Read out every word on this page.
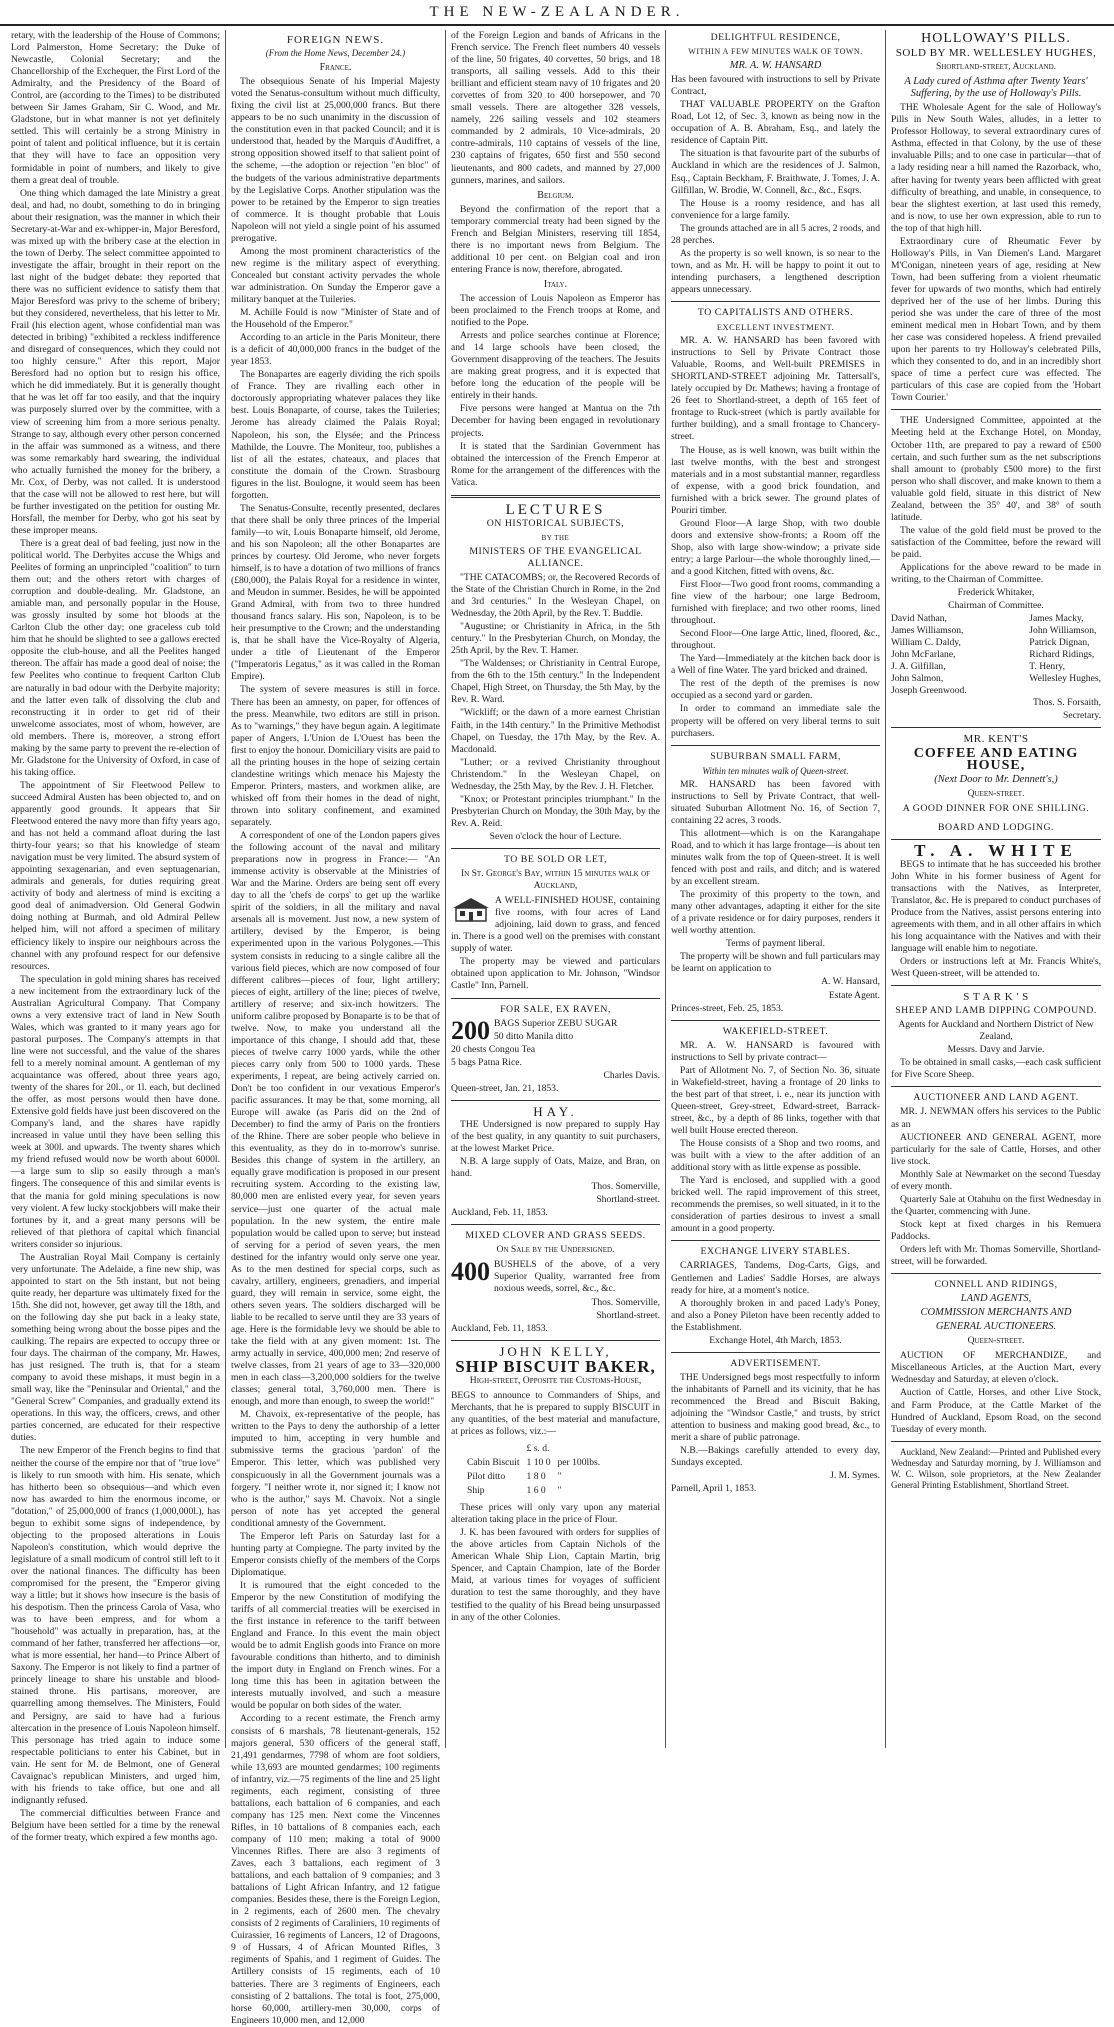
THE NEW-ZEALANDER.

retary, with the leadership of the House of Commons; Lord Palmerston, Home Secretary; the Duke of Newcastle, Colonial Secretary; and the Chancellorship of the Exchequer, the First Lord of the Admiralty, and the Presidency of the Board of Control, are (according to the Times) to be distributed between Sir James Graham, Sir C. Wood, and Mr. Gladstone, but in what manner is not yet definitely settled. This will certainly be a strong Ministry in point of talent and political influence, but it is certain that they will have to face an opposition very formidable in point of numbers, and likely to give them a great deal of trouble.

One thing which damaged the late Ministry a great deal, and had, no doubt, something to do in bringing about their resignation, was the manner in which their Secretary-at-War and ex-whipper-in, Major Beresford, was mixed up with the bribery case at the election in the town of Derby. The select committee appointed to investigate the affair, brought in their report on the last night of the budget debate: they reported that there was no sufficient evidence to satisfy them that Major Beresford was privy to the scheme of bribery; but they considered, nevertheless, that his letter to Mr. Frail (his election agent, whose confidential man was detected in bribing) "exhibited a reckless indifference and disregard of consequences, which they could not too highly censure." After this report, Major Beresford had no option but to resign his office, which he did immediately. But it is generally thought that he was let off far too easily, and that the inquiry was purposely slurred over by the committee, with a view of screening him from a more serious penalty. Strange to say, although every other person concerned in the affair was summoned as a witness, and there was some remarkably hard swearing, the individual who actually furnished the money for the bribery, a Mr. Cox, of Derby, was not called. It is understood that the case will not be allowed to rest here, but will be further investigated on the petition for ousting Mr. Horsfall, the member for Derby, who got his seat by these improper means.

There is a great deal of bad feeling, just now in the political world. The Derbyites accuse the Whigs and Peelites of forming an unprincipled "coalition" to turn them out; and the others retort with charges of corruption and double-dealing. Mr. Gladstone, an amiable man, and personally popular in the House, was grossly insulted by some hot bloods at the Carlton Club the other day; one graceless cub told him that he should be slighted to see a gallows erected opposite the club-house, and all the Peelites hanged thereon. The affair has made a good deal of noise; the few Peelites who continue to frequent Carlton Club are naturally in bad odour with the Derbyite majority; and the latter even talk of dissolving the club and reconstructing it in order to get rid of their unwelcome associates, most of whom, however, are old members. There is, moreover, a strong effort making by the same party to prevent the re-election of Mr. Gladstone for the University of Oxford, in case of his taking office.

The appointment of Sir Fleetwood Pellew to succeed Admiral Austen has been objected to, and on apparently good grounds. It appears that Sir Fleetwood entered the navy more than fifty years ago, and has not held a command afloat during the last thirty-four years; so that his knowledge of steam navigation must be very limited. The absurd system of appointing sexagenarian, and even septuagenarian, admirals and generals, for duties requiring great activity of body and alertness of mind is exciting a good deal of animadversion. Old General Godwin doing nothing at Burmah, and old Admiral Pellew helped him, will not afford a specimen of military efficiency likely to inspire our neighbours across the channel with any profound respect for our defensive resources.

The speculation in gold mining shares has received a new incitement from the extraordinary luck of the Australian Agricultural Company. That Company owns a very extensive tract of land in New South Wales, which was granted to it many years ago for pastoral purposes. The Company's attempts in that line were not successful, and the value of the shares fell to a merely nominal amount. A gentleman of my acquaintance was offered, about three years ago, twenty of the shares for 20l., or 1l. each, but declined the offer, as most persons would then have done. Extensive gold fields have just been discovered on the Company's land, and the shares have rapidly increased in value until they have been selling this week at 300l. and upwards. The twenty shares which my friend refused would now be worth about 6000l.—a large sum to slip so easily through a man's fingers. The consequence of this and similar events is that the mania for gold mining speculations is now very violent. A few lucky stockjobbers will make their fortunes by it, and a great many persons will be relieved of that plethora of capital which financial writers consider so injurious.

The Australian Royal Mail Company is certainly very unfortunate. The Adelaide, a fine new ship, was appointed to start on the 5th instant, but not being quite ready, her departure was ultimately fixed for the 15th. She did not, however, get away till the 18th, and on the following day she put back in a leaky state, something being wrong about the bosse pipes and the caulking. The repairs are expected to occupy three or four days. The chairman of the company, Mr. Hawes, has just resigned. The truth is, that for a steam company to avoid these mishaps, it must begin in a small way, like the "Peninsular and Oriental," and the "General Screw" Companies, and gradually extend its operations. In this way, the officers, crews, and other parties concerned, are educated for their respective duties.

The new Emperor of the French begins to find that neither the course of the empire nor that of "true love" is likely to run smooth with him. His senate, which has hitherto been so obsequious—and which even now has awarded to him the enormous income, or "dotation," of 25,000,000 of francs (1,000,000l.), has begun to exhibit some signs of independence, by objecting to the proposed alterations in Louis Napoleon's constitution, which would deprive the legislature of a small modicum of control still left to it over the national finances. The difficulty has been compromised for the present, the "Emperor giving way a little; but it shows how insecure is the basis of his despotism. Then the princess Carola of Vasa, who was to have been empress, and for whom a "household" was actually in preparation, has, at the command of her father, transferred her affections—or, what is more essential, her hand—to Prince Albert of Saxony. The Emperor is not likely to find a partner of princely lineage to share his unstable and blood-stained throne. His partisans, moreover, are quarrelling among themselves. The Ministers, Fould and Persigny, are said to have had a furious altercation in the presence of Louis Napoleon himself. This personage has tried again to induce some respectable politicians to enter his Cabinet, but in vain. He sent for M. de Belmont, one of General Cavaignac's republican Ministers, and urged him, with his friends to take office, but one and all indignantly refused.

The commercial difficulties between France and Belgium have been settled for a time by the renewal of the former treaty, which expired a few months ago.

FOREIGN NEWS.
(From the Home News, December 24.)
France.

The obsequious Senate of his Imperial Majesty voted the Senatus-consultum without much difficulty, fixing the civil list at 25,000,000 francs. But there appears to be no such unanimity in the discussion of the constitution even in that packed Council; and it is understood that, headed by the Marquis d'Audiffret, a strong opposition showed itself to that salient point of the scheme, —the adoption or rejection "en bloc" of the budgets of the various administrative departments by the Legislative Corps. Another stipulation was the power to be retained by the Emperor to sign treaties of commerce. It is thought probable that Louis Napoleon will not yield a single point of his assumed prerogative.

Among the most prominent characteristics of the new regime is the military aspect of everything. Concealed but constant activity pervades the whole war administration. On Sunday the Emperor gave a military banquet at the Tuileries.

M. Achille Fould is now "Minister of State and of the Household of the Emperor."

According to an article in the Paris Moniteur, there is a deficit of 40,000,000 francs in the budget of the year 1853.

The Bonapartes are eagerly dividing the rich spoils of France. They are rivalling each other in doctorously appropriating whatever palaces they like best. Louis Bonaparte, of course, takes the Tuileries; Jerome has already claimed the Palais Royal; Napoleon, his son, the Elysée; and the Princess Mathilde, the Louvre. The Moniteur, too, publishes a list of all the estates, chateaux, and places that constitute the domain of the Crown. Strasbourg figures in the list. Boulogne, it would seem has been forgotten.

The Senatus-Consulte, recently presented, declares that there shall be only three princes of the Imperial family—to wit, Louis Bonaparte himself, old Jerome, and his son Napoleon; all the other Bonapartes are princes by courtesy. Old Jerome, who never forgets himself, is to have a dotation of two millions of francs (£80,000), the Palais Royal for a residence in winter, and Meudon in summer. Besides, he will be appointed Grand Admiral, with from two to three hundred thousand francs salary. His son, Napoleon, is to be heir presumptive to the Crown; and the understanding is, that he shall have the Vice-Royalty of Algeria, under a title of Lieutenant of the Emperor ("Imperatoris Legatus," as it was called in the Roman Empire).

The system of severe measures is still in force. There has been an amnesty, on paper, for offences of the press. Meanwhile, two editors are still in prison. As to "warnings," they have begun again. A legitimate paper of Angers, L'Union de L'Ouest has been the first to enjoy the honour. Domiciliary visits are paid to all the printing houses in the hope of seizing certain clandestine writings which menace his Majesty the Emperor. Printers, masters, and workmen alike, are whisked off from their homes in the dead of night, thrown into solitary confinement, and examined separately.

A correspondent of one of the London papers gives the following account of the naval and military preparations now in progress in France:— "An immense activity is observable at the Ministries of War and the Marine. Orders are being sent off every day to all the 'chefs de corps' to get up the warlike spirit of the soldiers, in all the military and naval arsenals all is movement. Just now, a new system of artillery, devised by the Emperor, is being experimented upon in the various Polygones.—This system consists in reducing to a single calibre all the various field pieces, which are now composed of four different calibres—pieces of four, light artillery; pieces of eight, artillery of the line; pieces of twelve, artillery of reserve; and six-inch howitzers. The uniform calibre proposed by Bonaparte is to be that of twelve. Now, to make you understand all the importance of this change, I should add that, these pieces of twelve carry 1000 yards, while the other pieces carry only from 500 to 1000 yards. These experiments, I repeat, are being actively carried on. Don't be too confident in our vexatious Emperor's pacific assurances. It may be that, some morning, all Europe will awake (as Paris did on the 2nd of December) to find the army of Paris on the frontiers of the Rhine. There are sober people who believe in this eventuality, as they do in to-morrow's sunrise. Besides this change of system in the artillery, an equally grave modification is proposed in our present recruiting system. According to the existing law, 80,000 men are enlisted every year, for seven years service—just one quarter of the actual male population. In the new system, the entire male population would be called upon to serve; but instead of serving for a period of seven years, the men destined for the infantry would only serve one year. As to the men destined for special corps, such as cavalry, artillery, engineers, grenadiers, and imperial guard, they will remain in service, some eight, the others seven years. The soldiers discharged will be liable to be recalled to serve until they are 33 years of age. Here is the formidable levy we should be able to take the field with at any given moment: 1st. The army actually in service, 400,000 men; 2nd reserve of twelve classes, from 21 years of age to 33—320,000 men in each class—3,200,000 soldiers for the twelve classes; general total, 3,760,000 men. There is enough, and more than enough, to sweep the world!"

M. Chavoix, ex-representative of the people, has written to the Pays to deny the authorship of a letter imputed to him, accepting in very humble and submissive terms the gracious 'pardon' of the Emperor. This letter, which was published very conspicuously in all the Government journals was a forgery. "I neither wrote it, nor signed it; I know not who is the author," says M. Chavoix. Not a single person of note has yet accepted the general conditional amnesty of the Government.

The Emperor left Paris on Saturday last for a hunting party at Compiegne. The party invited by the Emperor consists chiefly of the members of the Corps Diplomatique.

It is rumoured that the eight conceded to the Emperor by the new Constitution of modifying the tariffs of all commercial treaties will be exercised in the first instance in reference to the tariff between England and France. In this event the main object would be to admit English goods into France on more favourable conditions than hitherto, and to diminish the import duty in England on French wines. For a long time this has been in agitation between the interests mutually involved, and such a measure would be popular on both sides of the water.

According to a recent estimate, the French army consists of 6 marshals, 78 lieutenant-generals, 152 majors general, 530 officers of the general staff, 21,491 gendarmes, 7798 of whom are foot soldiers, while 13,693 are mounted gendarmes; 100 regiments of infantry, viz.—75 regiments of the line and 25 light regiments, each regiment, consisting of three battalions, each battalion of 6 companies, and each company has 125 men. Next come the Vincennes Rifles, in 10 battalions of 8 companies each, each company of 110 men; making a total of 9000 Vincennes Rifles. There are also 3 regiments of Zaves, each 3 battalions, each regiment of 3 battalions, and each battalion of 9 companies; and 3 battalions of Light African Infantry, and 12 fatigue companies. Besides these, there is the Foreign Legion, in 2 regiments, each of 2600 men. The chevalry consists of 2 regiments of Caraliniers, 10 regiments of Cuirassier, 16 regiments of Lancers, 12 of Dragoons, 9 of Hussars, 4 of African Mounted Rifles, 3 regiments of Spahis, and 1 regiment of Guides. The Artillery consists of 15 regiments, each of 10 batteries. There are 3 regiments of Engineers, each consisting of 2 battalions. The total is foot, 275,000, horse 60,000, artillery-men 30,000, corps of Engineers 10,000 men, and 12,000

of the Foreign Legion and bands of Africans in the French service. The French fleet numbers 40 vessels of the line, 50 frigates, 40 corvettes, 50 brigs, and 18 transports, all sailing vessels. Add to this their brilliant and efficient steam navy of 10 frigates and 20 corvettes of from 320 to 400 horsepower, and 70 small vessels. There are altogether 328 vessels, namely, 226 sailing vessels and 102 steamers commanded by 2 admirals, 10 Vice-admirals, 20 contre-admirals, 110 captains of vessels of the line, 230 captains of frigates, 650 first and 550 second lieutenants, and 800 cadets, and manned by 27,000 gunners, marines, and sailors.

Belgium.

Beyond the confirmation of the report that a temporary commercial treaty had been signed by the French and Belgian Ministers, reserving till 1854, there is no important news from Belgium. The additional 10 per cent. on Belgian coal and iron entering France is now, therefore, abrogated.

Italy.

The accession of Louis Napoleon as Emperor has been proclaimed to the French troops at Rome, and notified to the Pope.

Arrests and police searches continue at Florence; and 14 large schools have been closed, the Government disapproving of the teachers. The Jesuits are making great progress, and it is expected that before long the education of the people will be entirely in their hands.

Five persons were hanged at Mantua on the 7th December for having been engaged in revolutionary projects.

It is stated that the Sardinian Government has obtained the intercession of the French Emperor at Rome for the arrangement of the differences with the Vatica.

LECTURES
ON HISTORICAL SUBJECTS,
BY THE
MINISTERS OF THE EVANGELICAL ALLIANCE.

"THE CATACOMBS; or, the Recovered Records of the State of the Christian Church in Rome, in the 2nd and 3rd centuries." In the Wesleyan Chapel, on Wednesday, the 20th April, by the Rev. T. Buddle.

"Augustine; or Christianity in Africa, in the 5th century." In the Presbyterian Church, on Monday, the 25th April, by the Rev. T. Hamer.

"The Waldenses; or Christianity in Central Europe, from the 6th to the 15th century." In the Independent Chapel, High Street, on Thursday, the 5th May, by the Rev. R. Ward.

"Wickliff; or the dawn of a more earnest Christian Faith, in the 14th century." In the Primitive Methodist Chapel, on Tuesday, the 17th May, by the Rev. A. Macdonald.

"Luther; or a revived Christianity throughout Christendom." In the Wesleyan Chapel, on Wednesday, the 25th May, by the Rev. J. H. Fletcher.

"Knox; or Protestant principles triumphant." In the Presbyterian Church on Monday, the 30th May, by the Rev. A. Reid.

Seven o'clock the hour of Lecture.

TO BE SOLD OR LET,
In St. George's Bay, within 15 minutes walk of Auckland,

A WELL-FINISHED HOUSE, containing five rooms, with four acres of Land adjoining, laid down to grass, and fenced in. There is a good well on the premises with constant supply of water.

The property may be viewed and particulars obtained upon application to Mr. Johnson, "Windsor Castle" Inn, Parnell.

FOR SALE, EX RAVEN,
200 BAGS Superior ZEBU SUGAR

50 ditto Manila ditto

20 chests Congou Tea

5 bags Patna Rice.

Charles Davis.

Queen-street, Jan. 21, 1853.

HAY.

THE Undersigned is now prepared to supply Hay of the best quality, in any quantity to suit purchasers, at the lowest Market Price.

N.B. A large supply of Oats, Maize, and Bran, on hand.

Thos. Somerville,

Shortland-street.

Auckland, Feb. 11, 1853.

MIXED CLOVER AND GRASS SEEDS.
On Sale by the Undersigned.
400 BUSHELS of the above, of a very Superior Quality, warranted free from noxious weeds, sorrel, &c., &c.

Thos. Somerville,

Shortland-street.

Auckland, Feb. 11, 1853.

JOHN KELLY,
SHIP BISCUIT BAKER,
High-street, Opposite the Customs-House,

BEGS to announce to Commanders of Ships, and Merchants, that he is prepared to supply BISCUIT in any quantities, of the best material and manufacture, at prices as follows, viz.:—

	£ s. d.	
Cabin Biscuit	1 10 0	per 100lbs.
Pilot ditto	1 8 0	"
Ship	1 6 0	"

These prices will only vary upon any material alteration taking place in the price of Flour.

J. K. has been favoured with orders for supplies of the above articles from Captain Nichols of the American Whale Ship Lion, Captain Martin, brig Spencer, and Captain Champion, late of the Border Maid, at various times for voyages of sufficient duration to test the same thoroughly, and they have testified to the quality of his Bread being unsurpassed in any of the other Colonies.

DELIGHTFUL RESIDENCE,
WITHIN A FEW MINUTES WALK OF TOWN.
MR. A. W. HANSARD

Has been favoured with instructions to sell by Private Contract,

THAT VALUABLE PROPERTY on the Grafton Road, Lot 12, of Sec. 3, known as being now in the occupation of A. B. Abraham, Esq., and lately the residence of Captain Pitt.

The situation is that favourite part of the suburbs of Auckland in which are the residences of J. Salmon, Esq., Captain Beckham, F. Braithwate, J. Tomes, J. A. Gilfillan, W. Brodie, W. Connell, &c., &c., Esqrs.

The House is a roomy residence, and has all convenience for a large family.

The grounds attached are in all 5 acres, 2 roods, and 28 perches.

As the property is so well known, is so near to the town, and as Mr. H. will be happy to point it out to intending purchasers, a lengthened description appears unnecessary.

TO CAPITALISTS AND OTHERS.
EXCELLENT INVESTMENT.

MR. A. W. HANSARD has been favored with instructions to Sell by Private Contract those Valuable, Rooms, and Well-built PREMISES in SHORTLAND-STREET adjoining Mr. Tattersall's, lately occupied by Dr. Mathews; having a frontage of 26 feet to Shortland-street, a depth of 165 feet of frontage to Ruck-street (which is partly available for further building), and a small frontage to Chancery-street.

The House, as is well known, was built within the last twelve months, with the best and strongest materials and in a most substantial manner, regardless of expense, with a good brick foundation, and furnished with a brick sewer. The ground plates of Pouriri timber.

Ground Floor—A large Shop, with two double doors and extensive show-fronts; a Room off the Shop, also with large show-window; a private side entry; a large Parlour—the whole thoroughly lined,—and a good Kitchen, fitted with ovens, &c.

First Floor—Two good front rooms, commanding a fine view of the harbour; one large Bedroom, furnished with fireplace; and two other rooms, lined throughout.

Second Floor—One large Attic, lined, floored, &c., throughout.

The Yard—Immediately at the kitchen back door is a Well of fine Water. The yard bricked and drained.

The rest of the depth of the premises is now occupied as a second yard or garden.

In order to command an immediate sale the property will be offered on very liberal terms to suit purchasers.

SUBURBAN SMALL FARM,
Within ten minutes walk of Queen-street.

MR. HANSARD has been favored with instructions to Sell by Private Contract, that well-situated Suburban Allotment No. 16, of Section 7, containing 22 acres, 3 roods.

This allotment—which is on the Karangahape Road, and to which it has large frontage—is about ten minutes walk from the top of Queen-street. It is well fenced with post and rails, and ditch; and is watered by an excellent stream.

The proximity of this property to the town, and many other advantages, adapting it either for the site of a private residence or for dairy purposes, renders it well worthy attention.

Terms of payment liberal.

The property will be shown and full particulars may be learnt on application to

A. W. Hansard,

Estate Agent.

Princes-street, Feb. 25, 1853.

WAKEFIELD-STREET.

MR. A. W. HANSARD is favoured with instructions to Sell by private contract—

Part of Allotment No. 7, of Section No. 36, situate in Wakefield-street, having a frontage of 20 links to the best part of that street, i. e., near its junction with Queen-street, Grey-street, Edward-street, Barrack-street, &c., by a depth of 86 links, together with that well built House erected thereon.

The House consists of a Shop and two rooms, and was built with a view to the after addition of an additional story with as little expense as possible.

The Yard is enclosed, and supplied with a good bricked well. The rapid improvement of this street, recommends the premises, so well situated, in it to the consideration of parties desirous to invest a small amount in a good property.

EXCHANGE LIVERY STABLES.

CARRIAGES, Tandems, Dog-Carts, Gigs, and Gentlemen and Ladies' Saddle Horses, are always ready for hire, at a moment's notice.

A thoroughly broken in and paced Lady's Poney, and also a Poney Pileton have been recently added to the Establishment.

Exchange Hotel, 4th March, 1853.

ADVERTISEMENT.

THE Undersigned begs most respectfully to inform the inhabitants of Parnell and its vicinity, that he has recommenced the Bread and Biscuit Baking, adjoining the "Windsor Castle," and trusts, by strict attention to business and making good bread, &c., to merit a share of public patronage.

N.B.—Bakings carefully attended to every day, Sundays excepted.

J. M. Symes.

Parnell, April 1, 1853.

HOLLOWAY'S PILLS.
SOLD BY MR. WELLESLEY HUGHES,
Shortland-street, Auckland.
A Lady cured of Asthma after Twenty Years' Suffering, by the use of Holloway's Pills.

THE Wholesale Agent for the sale of Holloway's Pills in New South Wales, alludes, in a letter to Professor Holloway, to several extraordinary cures of Asthma, effected in that Colony, by the use of these invaluable Pills; and to one case in particular—that of a lady residing near a hill named the Razorback, who, after having for twenty years been afflicted with great difficulty of breathing, and unable, in consequence, to bear the slightest exertion, at last used this remedy, and is now, to use her own expression, able to run to the top of that high hill.

Extraordinary cure of Rheumatic Fever by Holloway's Pills, in Van Diemen's Land. Margaret M'Conigan, nineteen years of age, residing at New Town, had been suffering from a violent rheumatic fever for upwards of two months, which had entirely deprived her of the use of her limbs. During this period she was under the care of three of the most eminent medical men in Hobart Town, and by them her case was considered hopeless. A friend prevailed upon her parents to try Holloway's celebrated Pills, which they consented to do, and in an incredibly short space of time a perfect cure was effected. The particulars of this case are copied from the 'Hobart Town Courier.'

THE Undersigned Committee, appointed at the Meeting held at the Exchange Hotel, on Monday, October 11th, are prepared to pay a reward of £500 certain, and such further sum as the net subscriptions shall amount to (probably £500 more) to the first person who shall discover, and make known to them a valuable gold field, situate in this district of New Zealand, between the 35° 40', and 38° of south latitude.

The value of the gold field must be proved to the satisfaction of the Committee, before the reward will be paid.

Applications for the above reward to be made in writing, to the Chairman of Committee.

Frederick Whitaker,

Chairman of Committee.

David Nathan,
James Williamson,
William C. Daldy,
John McFarlane,
J. A. Gilfillan,
John Salmon,
Joseph Greenwood.
James Macky,
John Williamson,
Patrick Dignan,
Richard Ridings,
T. Henry,
Wellesley Hughes,

Thos. S. Forsaith,

Secretary.

MR. KENT'S
COFFEE AND EATING HOUSE,
(Next Door to Mr. Dennett's,)
Queen-street.
A GOOD DINNER FOR ONE SHILLING.
BOARD AND LODGING.
T. A. WHITE

BEGS to intimate that he has succeeded his brother John White in his former business of Agent for transactions with the Natives, as Interpreter, Translator, &c. He is prepared to conduct purchases of Produce from the Natives, assist persons entering into agreements with them, and in all other affairs in which his long acquaintance with the Natives and with their language will enable him to negotiate.

Orders or instructions left at Mr. Francis White's, West Queen-street, will be attended to.

S T A R K ' S
SHEEP AND LAMB DIPPING COMPOUND.

Agents for Auckland and Northern District of New Zealand,

Messrs. Davy and Jarvie.

To be obtained in small casks,—each cask sufficient for Five Score Sheep.

AUCTIONEER AND LAND AGENT.

MR. J. NEWMAN offers his services to the Public as an

AUCTIONEER AND GENERAL AGENT, more particularly for the sale of Cattle, Horses, and other live stock.

Monthly Sale at Newmarket on the second Tuesday of every month.

Quarterly Sale at Otahuhu on the first Wednesday in the Quarter, commencing with June.

Stock kept at fixed charges in his Remuera Paddocks.

Orders left with Mr. Thomas Somerville, Shortland-street, will be forwarded.

CONNELL AND RIDINGS,
LAND AGENTS,
COMMISSION MERCHANTS AND
GENERAL AUCTIONEERS.
Queen-street.

AUCTION OF MERCHANDIZE, and Miscellaneous Articles, at the Auction Mart, every Wednesday and Saturday, at eleven o'clock.

Auction of Cattle, Horses, and other Live Stock, and Farm Produce, at the Cattle Market of the Hundred of Auckland, Epsom Road, on the second Tuesday of every month.

Auckland, New Zealand:—Printed and Published every Wednesday and Saturday morning, by J. Williamson and W. C. Wilson, sole proprietors, at the New Zealander General Printing Establishment, Shortland Street.
